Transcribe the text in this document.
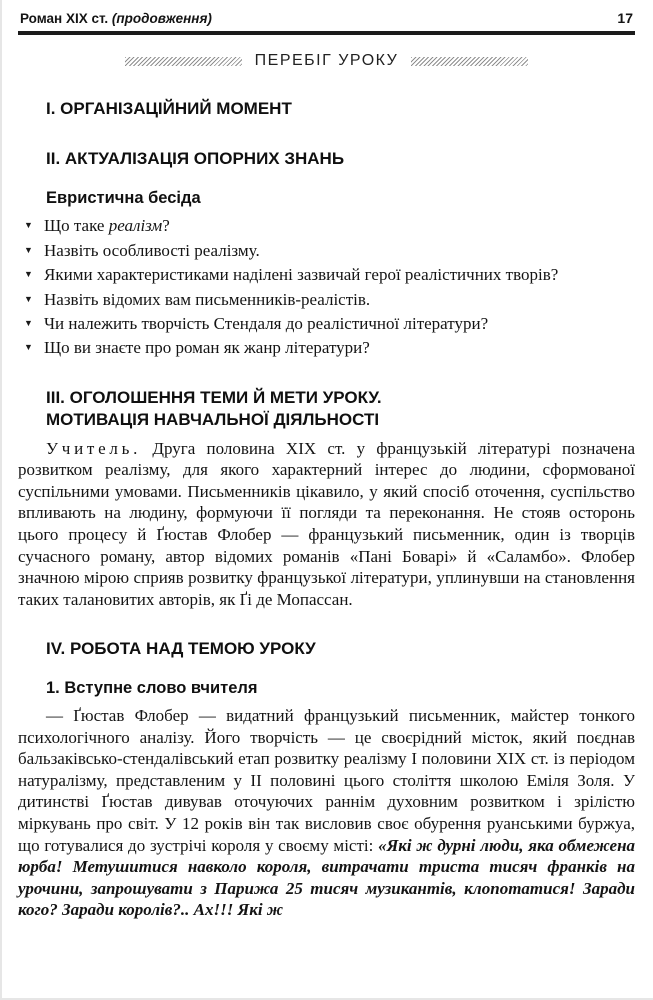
Роман XIX ст. (продовження)	17
ПЕРЕБІГ УРОКУ
I. ОРГАНІЗАЦІЙНИЙ МОМЕНТ
II. АКТУАЛІЗАЦІЯ ОПОРНИХ ЗНАНЬ
Евристична бесіда
▼ Що таке реалізм?
▼ Назвіть особливості реалізму.
▼ Якими характеристиками наділені зазвичай герої реалістичних творів?
▼ Назвіть відомих вам письменників-реалістів.
▼ Чи належить творчість Стендаля до реалістичної літератури?
▼ Що ви знаєте про роман як жанр літератури?
III. ОГОЛОШЕННЯ ТЕМИ Й МЕТИ УРОКУ.
МОТИВАЦІЯ НАВЧАЛЬНОЇ ДІЯЛЬНОСТІ

Учитель. Друга половина XIX ст. у французькій літературі позначена розвитком реалізму, для якого характерний інтерес до людини, сформованої суспільними умовами. Письменників цікавило, у який спосіб оточення, суспільство впливають на людину, формуючи її погляди та переконання. Не стояв осторонь цього процесу й Ґюстав Флобер — французький письменник, один із творців сучасного роману, автор відомих романів «Пані Боварі» й «Саламбо». Флобер значною мірою сприяв розвитку французької літератури, уплинувши на становлення таких талановитих авторів, як Ґі де Мопассан.

IV. РОБОТА НАД ТЕМОЮ УРОКУ
1. Вступне слово вчителя

— Ґюстав Флобер — видатний французький письменник, майстер тонкого психологічного аналізу. Його творчість — це своєрідний місток, який поєднав бальзаківсько-стендалівський етап розвитку реалізму I половини XIX ст. із періодом натуралізму, представленим у II половині цього століття школою Еміля Золя. У дитинстві Ґюстав дивував оточуючих раннім духовним розвитком і зрілістю міркувань про світ. У 12 років він так висловив своє обурення руанськими буржуа, що готувалися до зустрічі короля у своєму місті: «Які ж дурні люди, яка обмежена юрба! Метушитися навколо короля, витрачати триста тисяч франків на урочини, запрошувати з Парижа 25 тисяч музикантів, клопотатися! Заради кого? Заради королів?.. Ах!!! Які ж
